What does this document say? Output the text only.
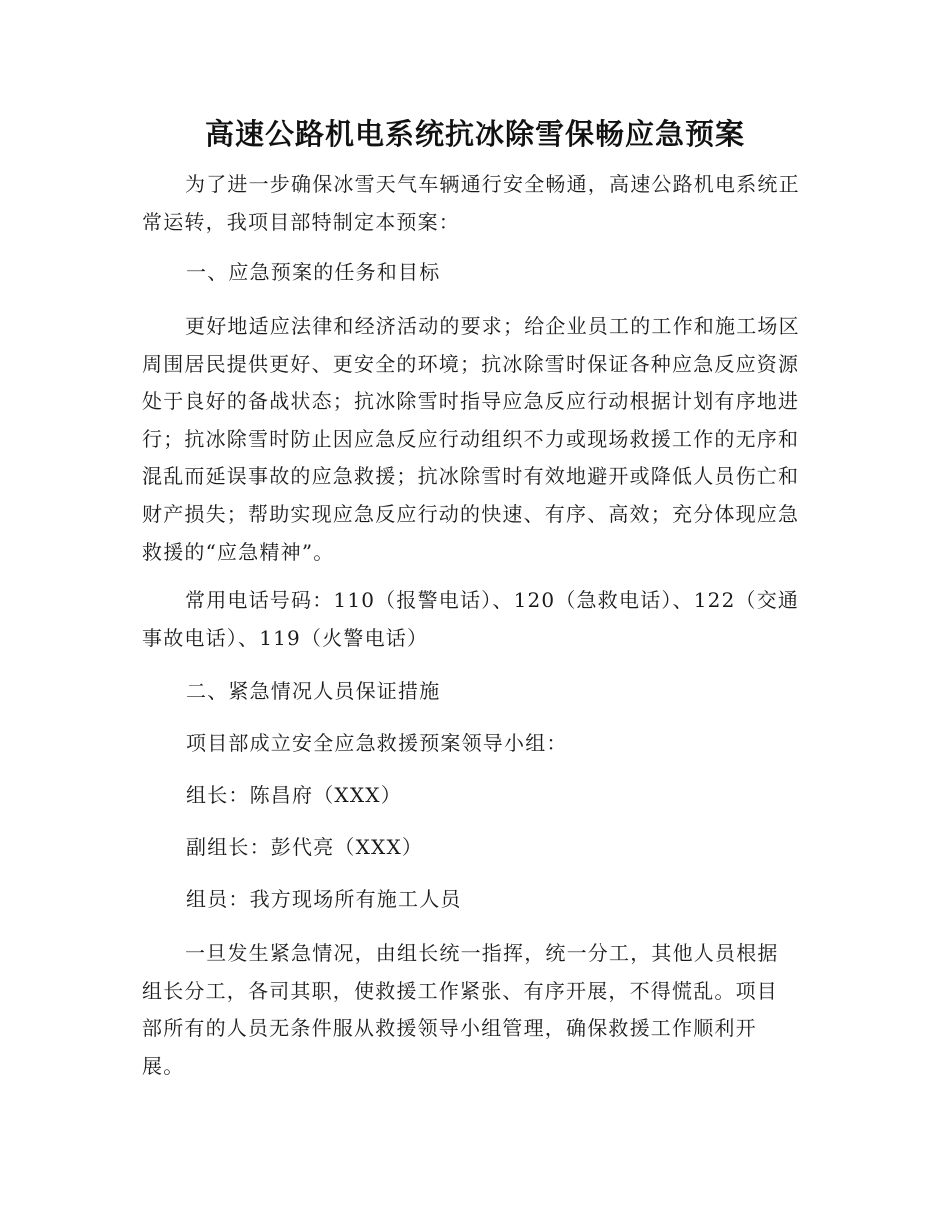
高速公路机电系统抗冰除雪保畅应急预案

为了进一步确保冰雪天气车辆通行安全畅通，高速公路机电系统正常运转，我项目部特制定本预案：

一、应急预案的任务和目标

更好地适应法律和经济活动的要求；给企业员工的工作和施工场区周围居民提供更好、更安全的环境；抗冰除雪时保证各种应急反应资源处于良好的备战状态；抗冰除雪时指导应急反应行动根据计划有序地进行；抗冰除雪时防止因应急反应行动组织不力或现场救援工作的无序和混乱而延误事故的应急救援；抗冰除雪时有效地避开或降低人员伤亡和财产损失；帮助实现应急反应行动的快速、有序、高效；充分体现应急救援的“应急精神”。

常用电话号码：110（报警电话）、120（急救电话）、122（交通事故电话）、119（火警电话）

二、紧急情况人员保证措施
项目部成立安全应急救援预案领导小组：
组长：陈昌府（XXX）
副组长：彭代亮（XXX）
组员：我方现场所有施工人员

一旦发生紧急情况，由组长统一指挥，统一分工，其他人员根据组长分工，各司其职，使救援工作紧张、有序开展，不得慌乱。项目部所有的人员无条件服从救援领导小组管理，确保救援工作顺利开展。
